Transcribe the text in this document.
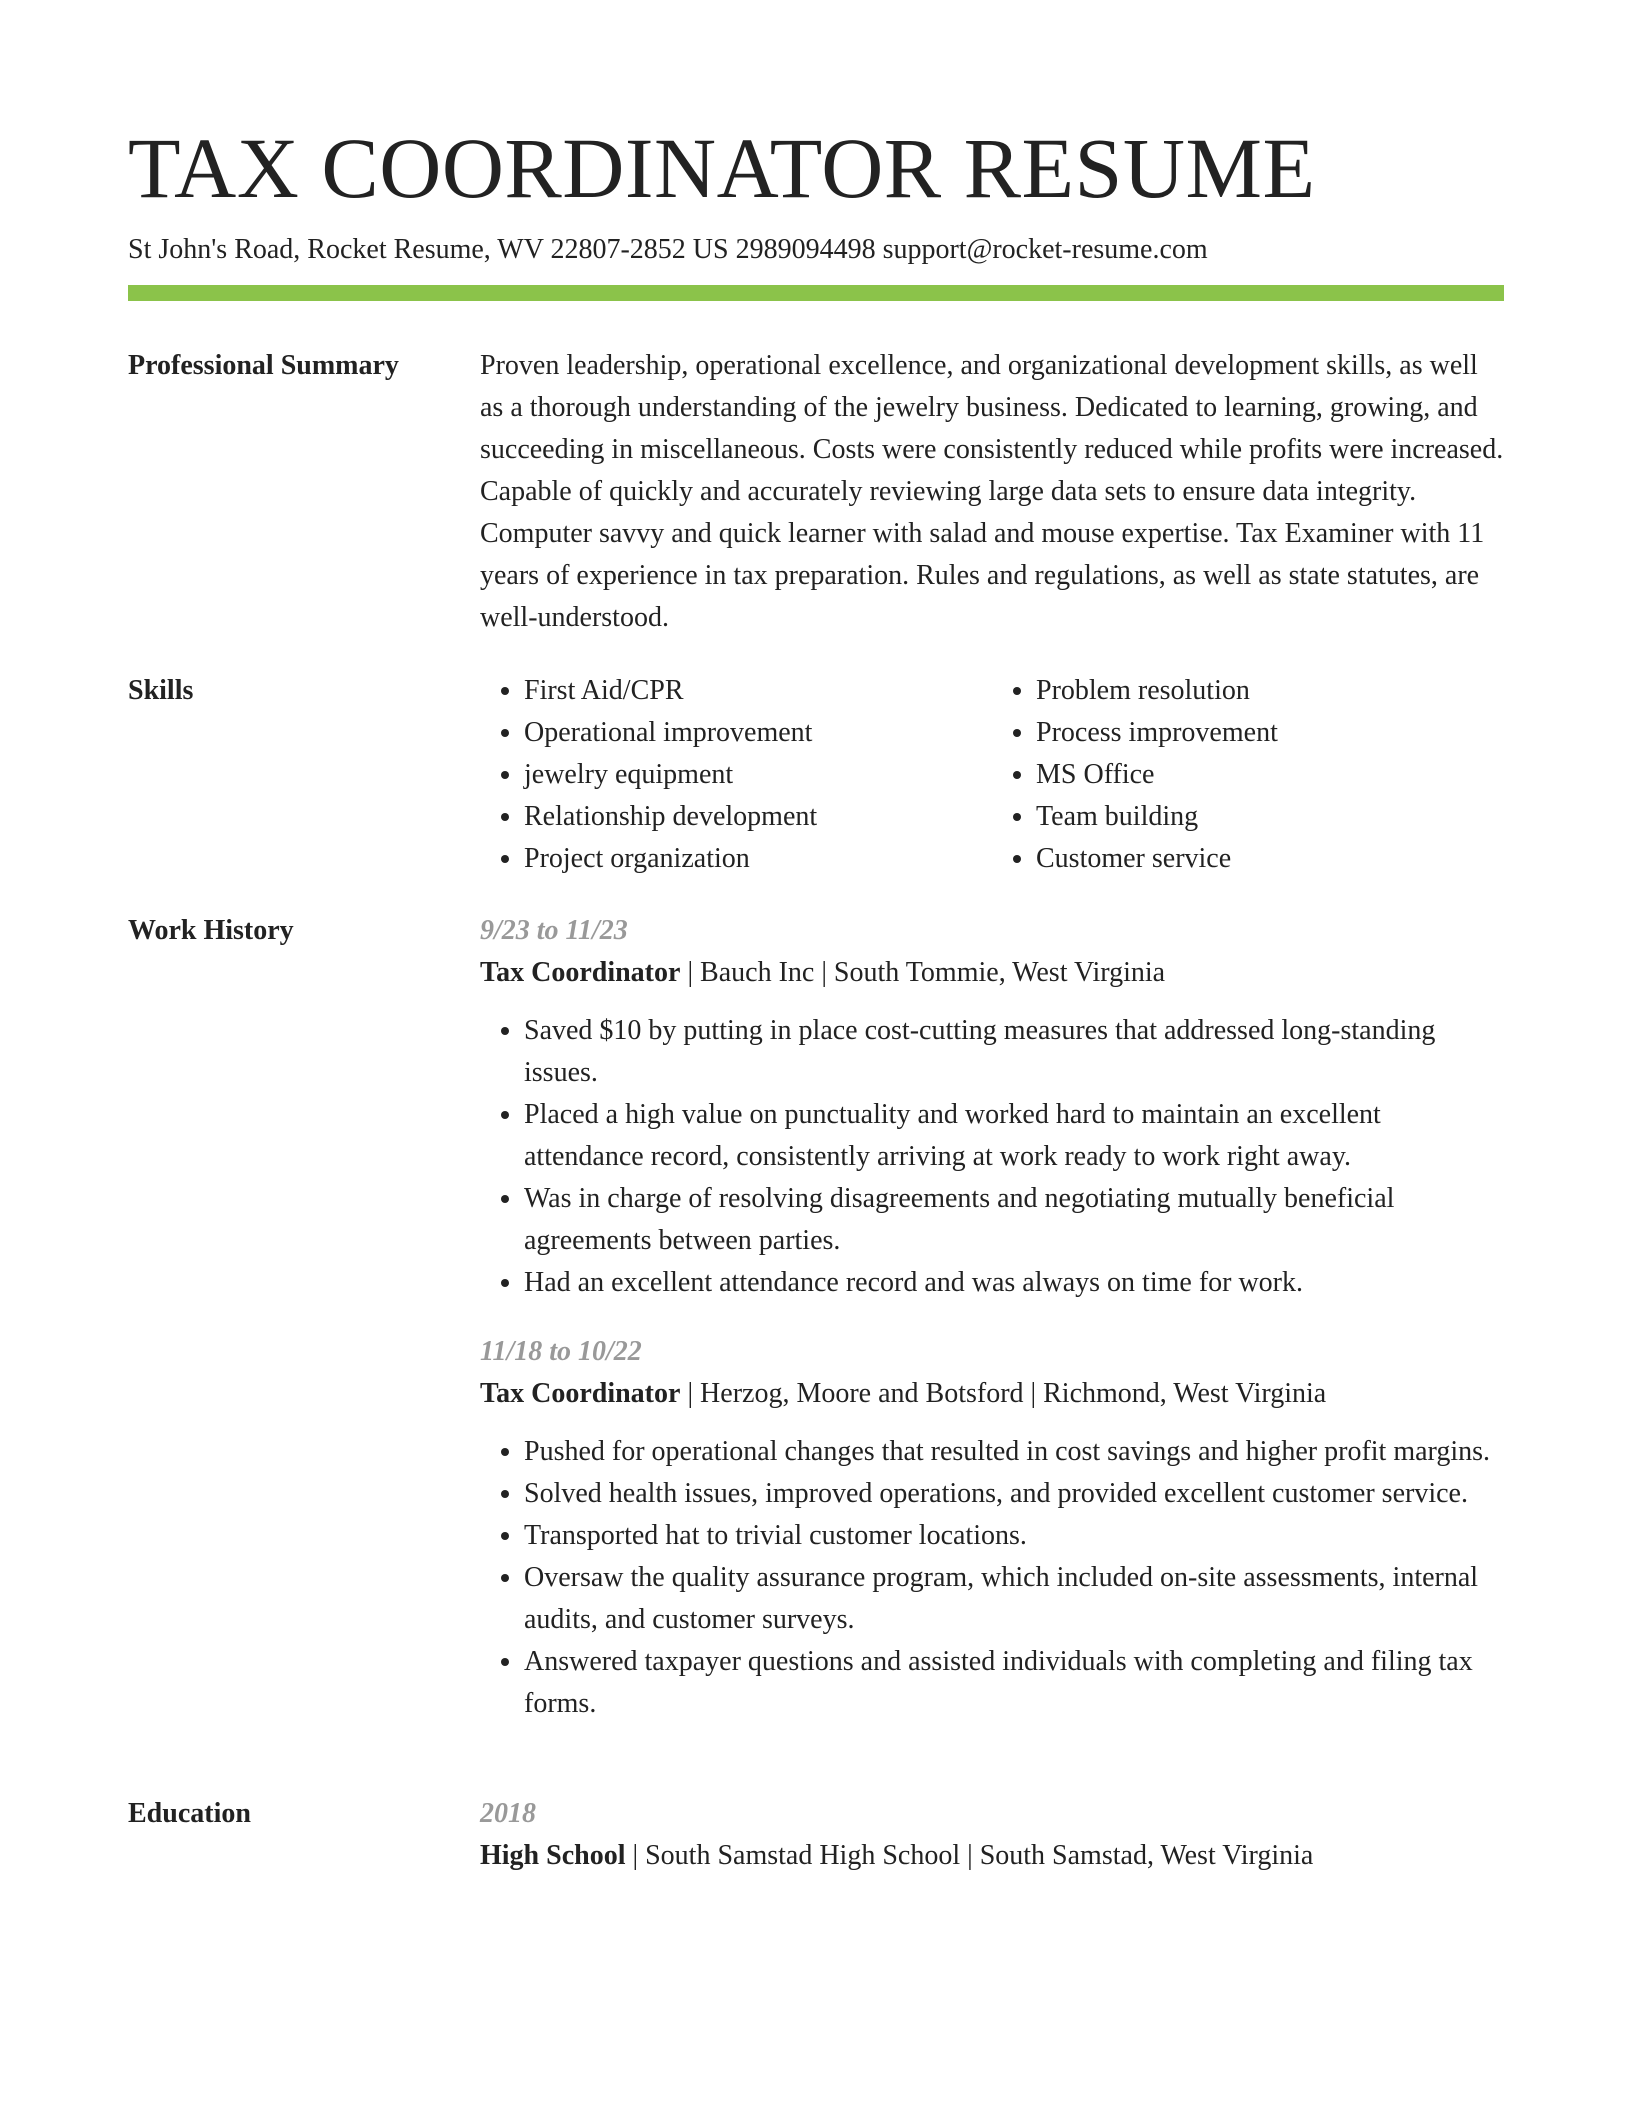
TAX COORDINATOR RESUME
St John's Road, Rocket Resume, WV 22807-2852 US 2989094498 support@rocket-resume.com
Professional Summary	Proven leadership, operational excellence, and organizational development skills, as well as a thorough understanding of the jewelry business. Dedicated to learning, growing, and succeeding in miscellaneous. Costs were consistently reduced while profits were increased. Capable of quickly and accurately reviewing large data sets to ensure data integrity. Computer savvy and quick learner with salad and mouse expertise. Tax Examiner with 11 years of experience in tax preparation. Rules and regulations, as well as state statutes, are well-understood.

Skills
•	First Aid/CPR
• Operational improvement
• jewelry equipment
• Relationship development
• Project organization
• Problem resolution
• Process improvement
• MS Office
• Team building
• Customer service
Work History	9/23 to 11/23
Tax Coordinator | Bauch Inc | South Tommie, West Virginia
• Saved $10 by putting in place cost-cutting measures that addressed long-standing issues.
• Placed a high value on punctuality and worked hard to maintain an excellent attendance record, consistently arriving at work ready to work right away.
• Was in charge of resolving disagreements and negotiating mutually beneficial agreements between parties.
• Had an excellent attendance record and was always on time for work.
11/18 to 10/22
Tax Coordinator | Herzog, Moore and Botsford | Richmond, West Virginia
• Pushed for operational changes that resulted in cost savings and higher profit margins.
• Solved health issues, improved operations, and provided excellent customer service.
• Transported hat to trivial customer locations.
• Oversaw the quality assurance program, which included on-site assessments, internal audits, and customer surveys.
• Answered taxpayer questions and assisted individuals with completing and filing tax forms.
Education	2018
High School | South Samstad High School | South Samstad, West Virginia
